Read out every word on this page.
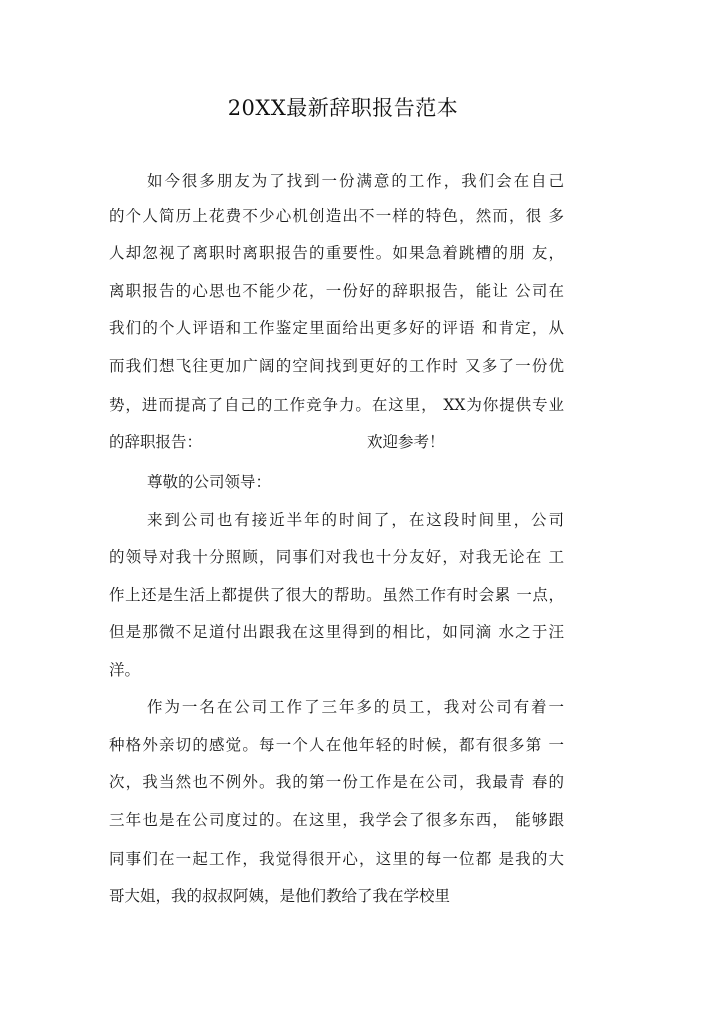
20XX最新辞职报告范本
如今很多朋友为了找到一份满意的工作，我们会在自己
的个人简历上花费不少心机创造出不一样的特色，然而，很 多
人却忽视了离职时离职报告的重要性。如果急着跳槽的朋 友，
离职报告的心思也不能少花，一份好的辞职报告，能让 公司在
我们的个人评语和工作鉴定里面给出更多好的评语 和肯定，从
而我们想飞往更加广阔的空间找到更好的工作时 又多了一份优
势，进而提高了自己的工作竞争力。在这里， XX为你提供专业
的辞职报告：	欢迎参考！
尊敬的公司领导：
来到公司也有接近半年的时间了，在这段时间里，公司
的领导对我十分照顾，同事们对我也十分友好，对我无论在 工
作上还是生活上都提供了很大的帮助。虽然工作有时会累 一点，
但是那微不足道付出跟我在这里得到的相比，如同滴 水之于汪
洋。
作为一名在公司工作了三年多的员工，我对公司有着一
种格外亲切的感觉。每一个人在他年轻的时候，都有很多第 一
次，我当然也不例外。我的第一份工作是在公司，我最青 春的
三年也是在公司度过的。在这里，我学会了很多东西， 能够跟
同事们在一起工作，我觉得很开心，这里的每一位都 是我的大
哥大姐，我的叔叔阿姨，是他们教给了我在学校里
